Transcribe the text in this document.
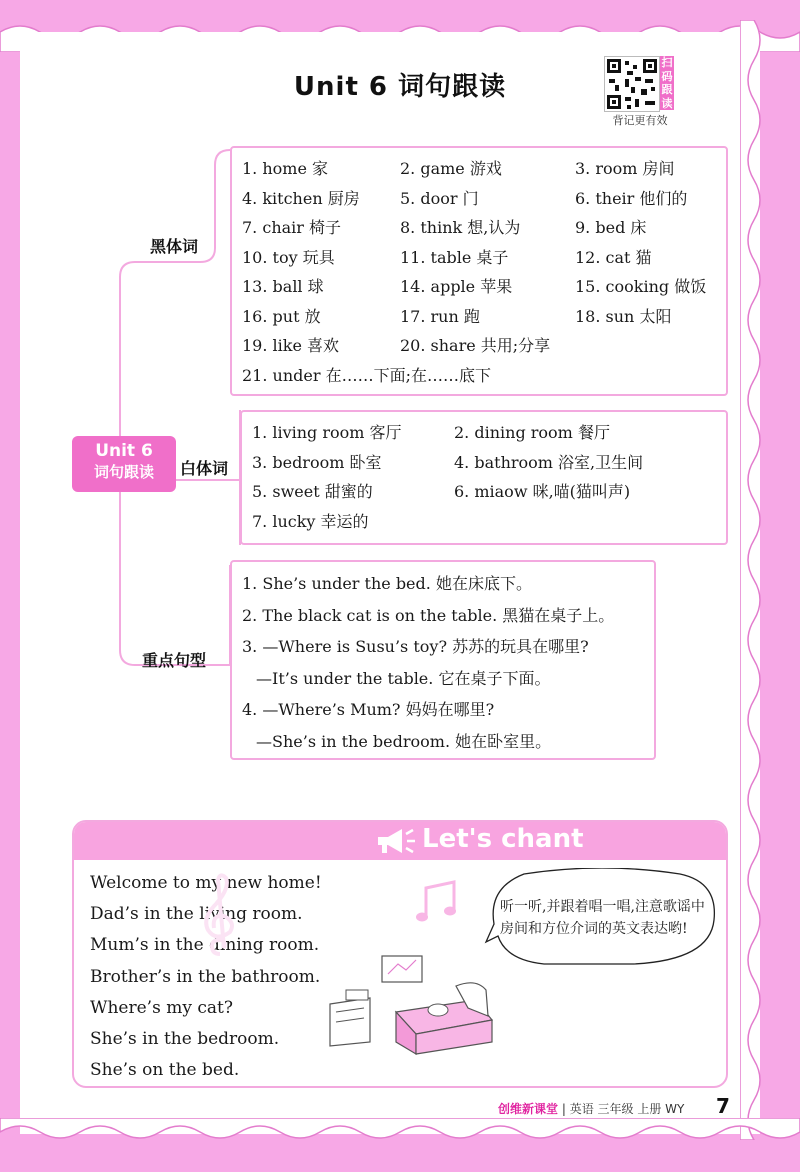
Unit 6 词句跟读
扫码跟读
背记更有效
Unit 6
词句跟读
黑体词
白体词
重点句型
1. home 家	2. game 游戏	3. room 房间
4. kitchen 厨房	5. door 门	6. their 他们的
7. chair 椅子	8. think 想,认为	9. bed 床
10. toy 玩具	11. table 桌子	12. cat 猫
13. ball 球	14. apple 苹果	15. cooking 做饭
16. put 放	17. run 跑	18. sun 太阳
19. like 喜欢	20. share 共用;分享
21. under 在……下面;在……底下
1. living room 客厅	2. dining room 餐厅
3. bedroom 卧室	4. bathroom 浴室,卫生间
5. sweet 甜蜜的	6. miaow 咪,喵(猫叫声)
7. lucky 幸运的
1. She’s under the bed. 她在床底下。
2. The black cat is on the table. 黑猫在桌子上。
3. —Where is Susu’s toy? 苏苏的玩具在哪里?
—It’s under the table. 它在桌子下面。
4. —Where’s Mum? 妈妈在哪里?
—She’s in the bedroom. 她在卧室里。
Let's chant
Welcome to my new home!
Dad’s in the living room.
Mum’s in the dining room.
Brother’s in the bathroom.
Where’s my cat?
She’s in the bedroom.
She’s on the bed.
听一听,并跟着唱一唱,注意歌谣中房间和方位介词的英文表达哟!
创维新课堂 | 英语 三年级 上册 WY 7
